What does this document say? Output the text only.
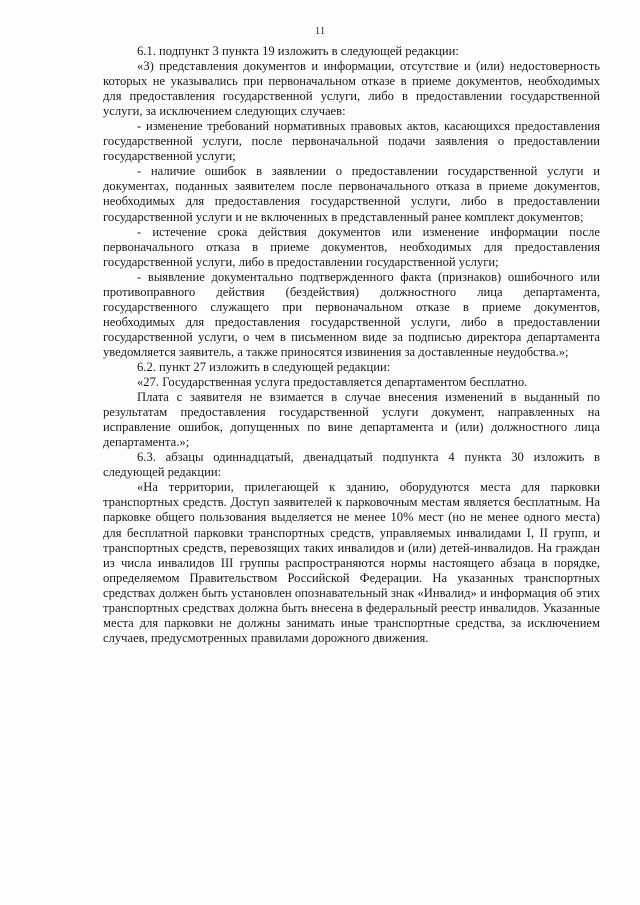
11

6.1. подпункт 3 пункта 19 изложить в следующей редакции:

«3) представления документов и информации, отсутствие и (или) недостоверность которых не указывались при первоначальном отказе в приеме документов, необходимых для предоставления государственной услуги, либо в предоставлении государственной услуги, за исключением следующих случаев:

- изменение требований нормативных правовых актов, касающихся предоставления государственной услуги, после первоначальной подачи заявления о предоставлении государственной услуги;

- наличие ошибок в заявлении о предоставлении государственной услуги и документах, поданных заявителем после первоначального отказа в приеме документов, необходимых для предоставления государственной услуги, либо в предоставлении государственной услуги и не включенных в представленный ранее комплект документов;

- истечение срока действия документов или изменение информации после первоначального отказа в приеме документов, необходимых для предоставления государственной услуги, либо в предоставлении государственной услуги;

- выявление документально подтвержденного факта (признаков) ошибочного или противоправного действия (бездействия) должностного лица департамента, государственного служащего при первоначальном отказе в приеме документов, необходимых для предоставления государственной услуги, либо в предоставлении государственной услуги, о чем в письменном виде за подписью директора департамента уведомляется заявитель, а также приносятся извинения за доставленные неудобства.»;

6.2. пункт 27 изложить в следующей редакции:

«27. Государственная услуга предоставляется департаментом бесплатно.

Плата с заявителя не взимается в случае внесения изменений в выданный по результатам предоставления государственной услуги документ, направленных на исправление ошибок, допущенных по вине департамента и (или) должностного лица департамента.»;

6.3. абзацы одиннадцатый, двенадцатый подпункта 4 пункта 30 изложить в следующей редакции:

«На территории, прилегающей к зданию, оборудуются места для парковки транспортных средств. Доступ заявителей к парковочным местам является бесплатным. На парковке общего пользования выделяется не менее 10% мест (но не менее одного места) для бесплатной парковки транспортных средств, управляемых инвалидами I, II групп, и транспортных средств, перевозящих таких инвалидов и (или) детей-инвалидов. На граждан из числа инвалидов III группы распространяются нормы настоящего абзаца в порядке, определяемом Правительством Российской Федерации. На указанных транспортных средствах должен быть установлен опознавательный знак «Инвалид» и информация об этих транспортных средствах должна быть внесена в федеральный реестр инвалидов. Указанные места для парковки не должны занимать иные транспортные средства, за исключением случаев, предусмотренных правилами дорожного движения.
